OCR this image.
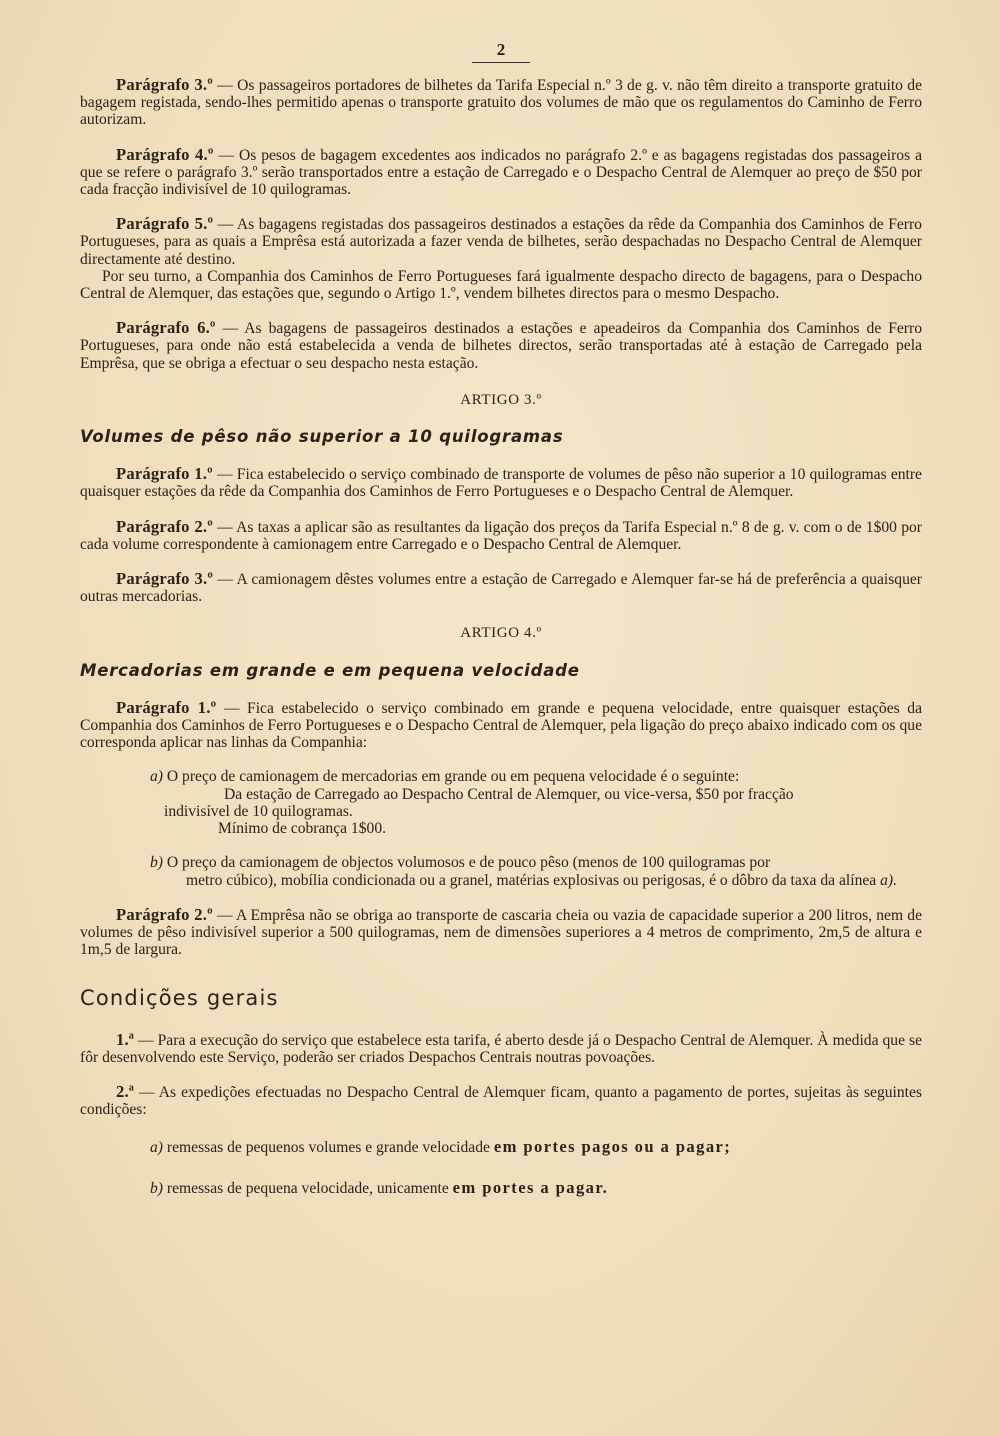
2

Parágrafo 3.º — Os passageiros portadores de bilhetes da Tarifa Especial n.º 3 de g. v. não têm direito a transporte gratuito de bagagem registada, sendo-lhes permitido apenas o transporte gratuito dos volumes de mão que os regulamentos do Caminho de Ferro autorizam.

Parágrafo 4.º — Os pesos de bagagem excedentes aos indicados no parágrafo 2.º e as bagagens registadas dos passageiros a que se refere o parágrafo 3.º serão transportados entre a estação de Carregado e o Despacho Central de Alemquer ao preço de $50 por cada fracção indivisível de 10 quilogramas.

Parágrafo 5.º — As bagagens registadas dos passageiros destinados a estações da rêde da Companhia dos Caminhos de Ferro Portugueses, para as quais a Emprêsa está autorizada a fazer venda de bilhetes, serão despachadas no Despacho Central de Alemquer directamente até destino.

Por seu turno, a Companhia dos Caminhos de Ferro Portugueses fará igualmente despacho directo de bagagens, para o Despacho Central de Alemquer, das estações que, segundo o Artigo 1.º, vendem bilhetes directos para o mesmo Despacho.

Parágrafo 6.º — As bagagens de passageiros destinados a estações e apeadeiros da Companhia dos Caminhos de Ferro Portugueses, para onde não está estabelecida a venda de bilhetes directos, serão transportadas até à estação de Carregado pela Emprêsa, que se obriga a efectuar o seu despacho nesta estação.

ARTIGO 3.º

Volumes de pêso não superior a 10 quilogramas

Parágrafo 1.º — Fica estabelecido o serviço combinado de transporte de volumes de pêso não superior a 10 quilogramas entre quaisquer estações da rêde da Companhia dos Caminhos de Ferro Portugueses e o Despacho Central de Alemquer.

Parágrafo 2.º — As taxas a aplicar são as resultantes da ligação dos preços da Tarifa Especial n.º 8 de g. v. com o de 1$00 por cada volume correspondente à camionagem entre Carregado e o Despacho Central de Alemquer.

Parágrafo 3.º — A camionagem dêstes volumes entre a estação de Carregado e Alemquer far-se há de preferência a quaisquer outras mercadorias.

ARTIGO 4.º

Mercadorias em grande e em pequena velocidade

Parágrafo 1.º — Fica estabelecido o serviço combinado em grande e pequena velocidade, entre quaisquer estações da Companhia dos Caminhos de Ferro Portugueses e o Despacho Central de Alemquer, pela ligação do preço abaixo indicado com os que corresponda aplicar nas linhas da Companhia:

a) O preço de camionagem de mercadorias em grande ou em pequena velocidade é o seguinte:
Da estação de Carregado ao Despacho Central de Alemquer, ou vice-versa, $50 por fracção
indivisível de 10 quilogramas.
Mínimo de cobrança 1$00.

b) O preço da camionagem de objectos volumosos e de pouco pêso (menos de 100 quilogramas por
metro cúbico), mobília condicionada ou a granel, matérias explosivas ou perigosas, é o dôbro da taxa da alínea a).

Parágrafo 2.º — A Emprêsa não se obriga ao transporte de cascaria cheia ou vazia de capacidade superior a 200 litros, nem de volumes de pêso indivisível superior a 500 quilogramas, nem de dimensões superiores a 4 metros de comprimento, 2m,5 de altura e 1m,5 de largura.

Condições gerais

1.ª — Para a execução do serviço que estabelece esta tarifa, é aberto desde já o Despacho Central de Alemquer. À medida que se fôr desenvolvendo este Serviço, poderão ser criados Despachos Centrais noutras povoações.

2.ª — As expedições efectuadas no Despacho Central de Alemquer ficam, quanto a pagamento de portes, sujeitas às seguintes condições:

a) remessas de pequenos volumes e grande velocidade em portes pagos ou a pagar;

b) remessas de pequena velocidade, unicamente em portes a pagar.
